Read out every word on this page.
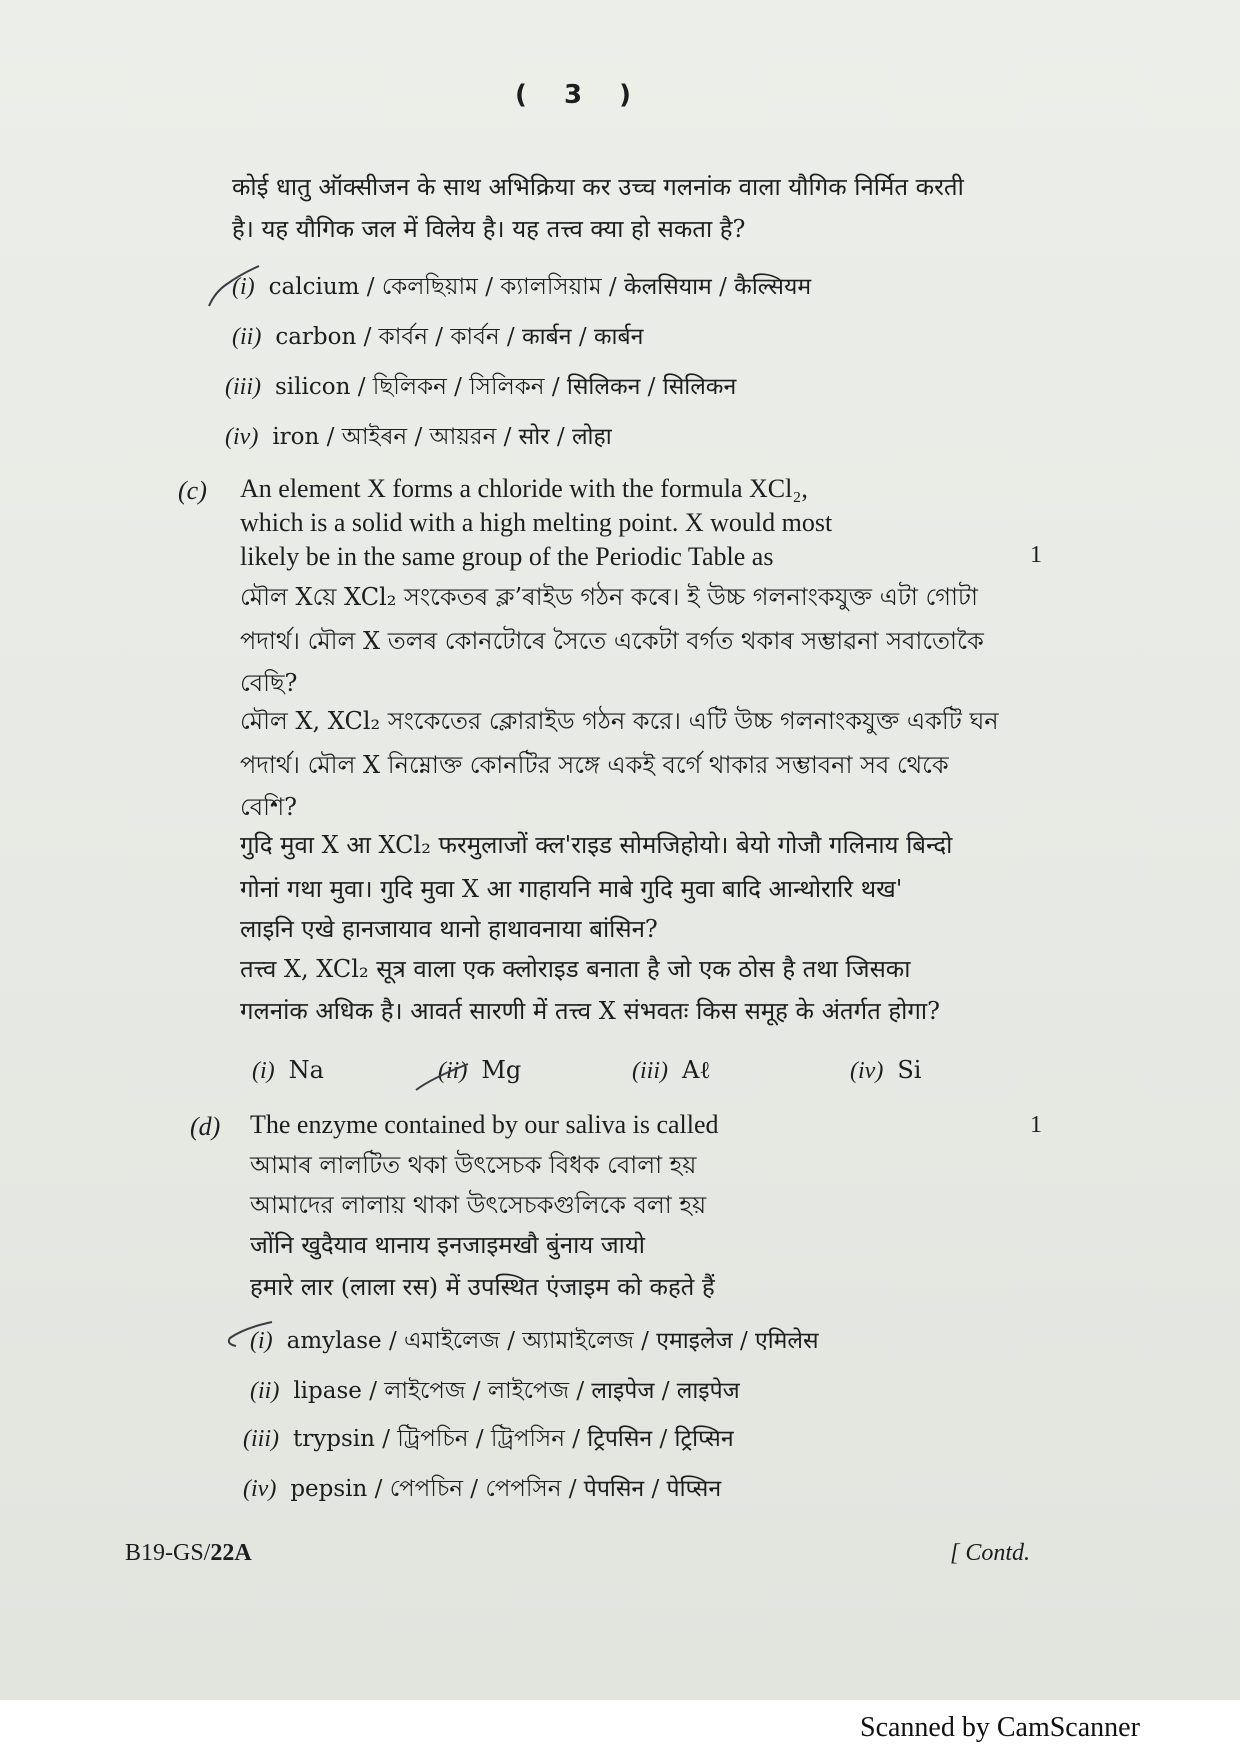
( 3 )
कोई धातु ऑक्सीजन के साथ अभिक्रिया कर उच्च गलनांक वाला यौगिक निर्मित करती
है। यह यौगिक जल में विलेय है। यह तत्त्व क्या हो सकता है?
(i) calcium / কেলছিয়াম / ক্যালসিয়াম / केलसियाम / कैल्सियम
(ii) carbon / কাৰ্বন / কার্বন / कार्बन / कार्बन
(iii) silicon / ছিলিকন / সিলিকন / सिलिकन / सिलिकन
(iv) iron / আইৰন / আয়রন / सोर / लोहा
(c)
1
An element X forms a chloride with the formula XCl₂,
which is a solid with a high melting point. X would most
likely be in the same group of the Periodic Table as
মৌল Xয়ে XCl₂ সংকেতৰ ক্ল’ৰাইড গঠন কৰে। ই উচ্চ গলনাংকযুক্ত এটা গোটা
পদাৰ্থ। মৌল X তলৰ কোনটোৰে সৈতে একেটা বৰ্গত থকাৰ সম্ভাৱনা সবাতোকৈ
বেছি?
মৌল X, XCl₂ সংকেতের ক্লোরাইড গঠন করে। এটি উচ্চ গলনাংকযুক্ত একটি ঘন
পদার্থ। মৌল X নিম্নোক্ত কোনটির সঙ্গে একই বর্গে থাকার সম্ভাবনা সব থেকে
বেশি?
गुदि मुवा X आ XCl₂ फरमुलाजों क्ल'राइड सोमजिहोयो। बेयो गोजौ गलिनाय बिन्दो
गोनां गथा मुवा। गुदि मुवा X आ गाहायनि माबे गुदि मुवा बादि आन्थोरारि थख'
लाइनि एखे हानजायाव थानो हाथावनाया बांसिन?
तत्त्व X, XCl₂ सूत्र वाला एक क्लोराइड बनाता है जो एक ठोस है तथा जिसका
गलनांक अधिक है। आवर्त सारणी में तत्त्व X संभवतः किस समूह के अंतर्गत होगा?
(i) Na	(ii) Mg	(iii) Aℓ	(iv) Si
(d)	1
The enzyme contained by our saliva is called
আমাৰ লালটিত থকা উৎসেচক বিধক বোলা হয়
আমাদের লালায় থাকা উৎসেচকগুলিকে বলা হয়
जोंनि खुदैयाव थानाय इनजाइमखौ बुंनाय जायो
हमारे लार (लाला रस) में उपस्थित एंजाइम को कहते हैं
(i) amylase / এমাইলেজ / অ্যামাইলেজ / एमाइलेज / एमिलेस
(ii) lipase / লাইপেজ / লাইপেজ / लाइपेज / लाइपेज
(iii) trypsin / ট্ৰিপচিন / ট্রিপসিন / ट्रिपसिन / ट्रिप्सिन
(iv) pepsin / পেপচিন / পেপসিন / पेपसिन / पेप्सिन
B19-GS/22A	[ Contd.
Scanned by CamScanner
